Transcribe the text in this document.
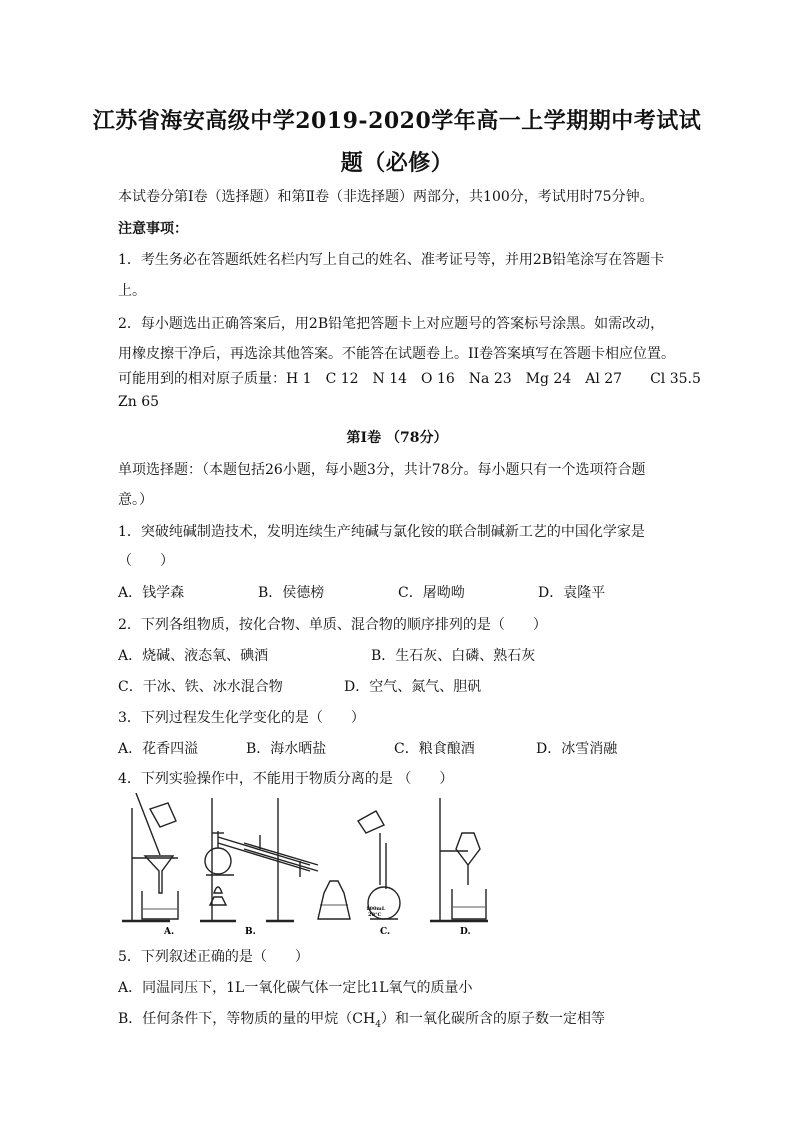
江苏省海安高级中学2019-2020学年高一上学期期中考试试
题（必修）
本试卷分第Ⅰ卷（选择题）和第Ⅱ卷（非选择题）两部分，共100分，考试用时75分钟。
注意事项：
1．考生务必在答题纸姓名栏内写上自己的姓名、准考证号等，并用2B铅笔涂写在答题卡
上。
2．每小题选出正确答案后，用2B铅笔把答题卡上对应题号的答案标号涂黑。如需改动，
用橡皮擦干净后，再选涂其他答案。不能答在试题卷上。II卷答案填写在答题卡相应位置。
可能用到的相对原子质量：H 1　C 12　N 14　O 16　Na 23　Mg 24　Al 27　　Cl 35.5
Zn 65
第Ⅰ卷 （78分）
单项选择题：（本题包括26小题，每小题3分，共计78分。每小题只有一个选项符合题
意。）
1．突破纯碱制造技术，发明连续生产纯碱与氯化铵的联合制碱新工艺的中国化学家是
（　　）
A．钱学森	B．侯德榜	C．屠呦呦	D．袁隆平
2．下列各组物质，按化合物、单质、混合物的顺序排列的是（　　）
A．烧碱、液态氧、碘酒	B．生石灰、白磷、熟石灰
C．干冰、铁、冰水混合物	D．空气、氮气、胆矾
3．下列过程发生化学变化的是（　　）
A．花香四溢	B．海水晒盐	C．粮食酿酒	D．冰雪消融
4．下列实验操作中，不能用于物质分离的是 （　　）
A.	B.
100mL
20°C
C.	D.
5．下列叙述正确的是（　　）
A．同温同压下，1L一氧化碳气体一定比1L氧气的质量小
B．任何条件下，等物质的量的甲烷$(CH_4)$和一氧化碳所含的原子数一定相等
